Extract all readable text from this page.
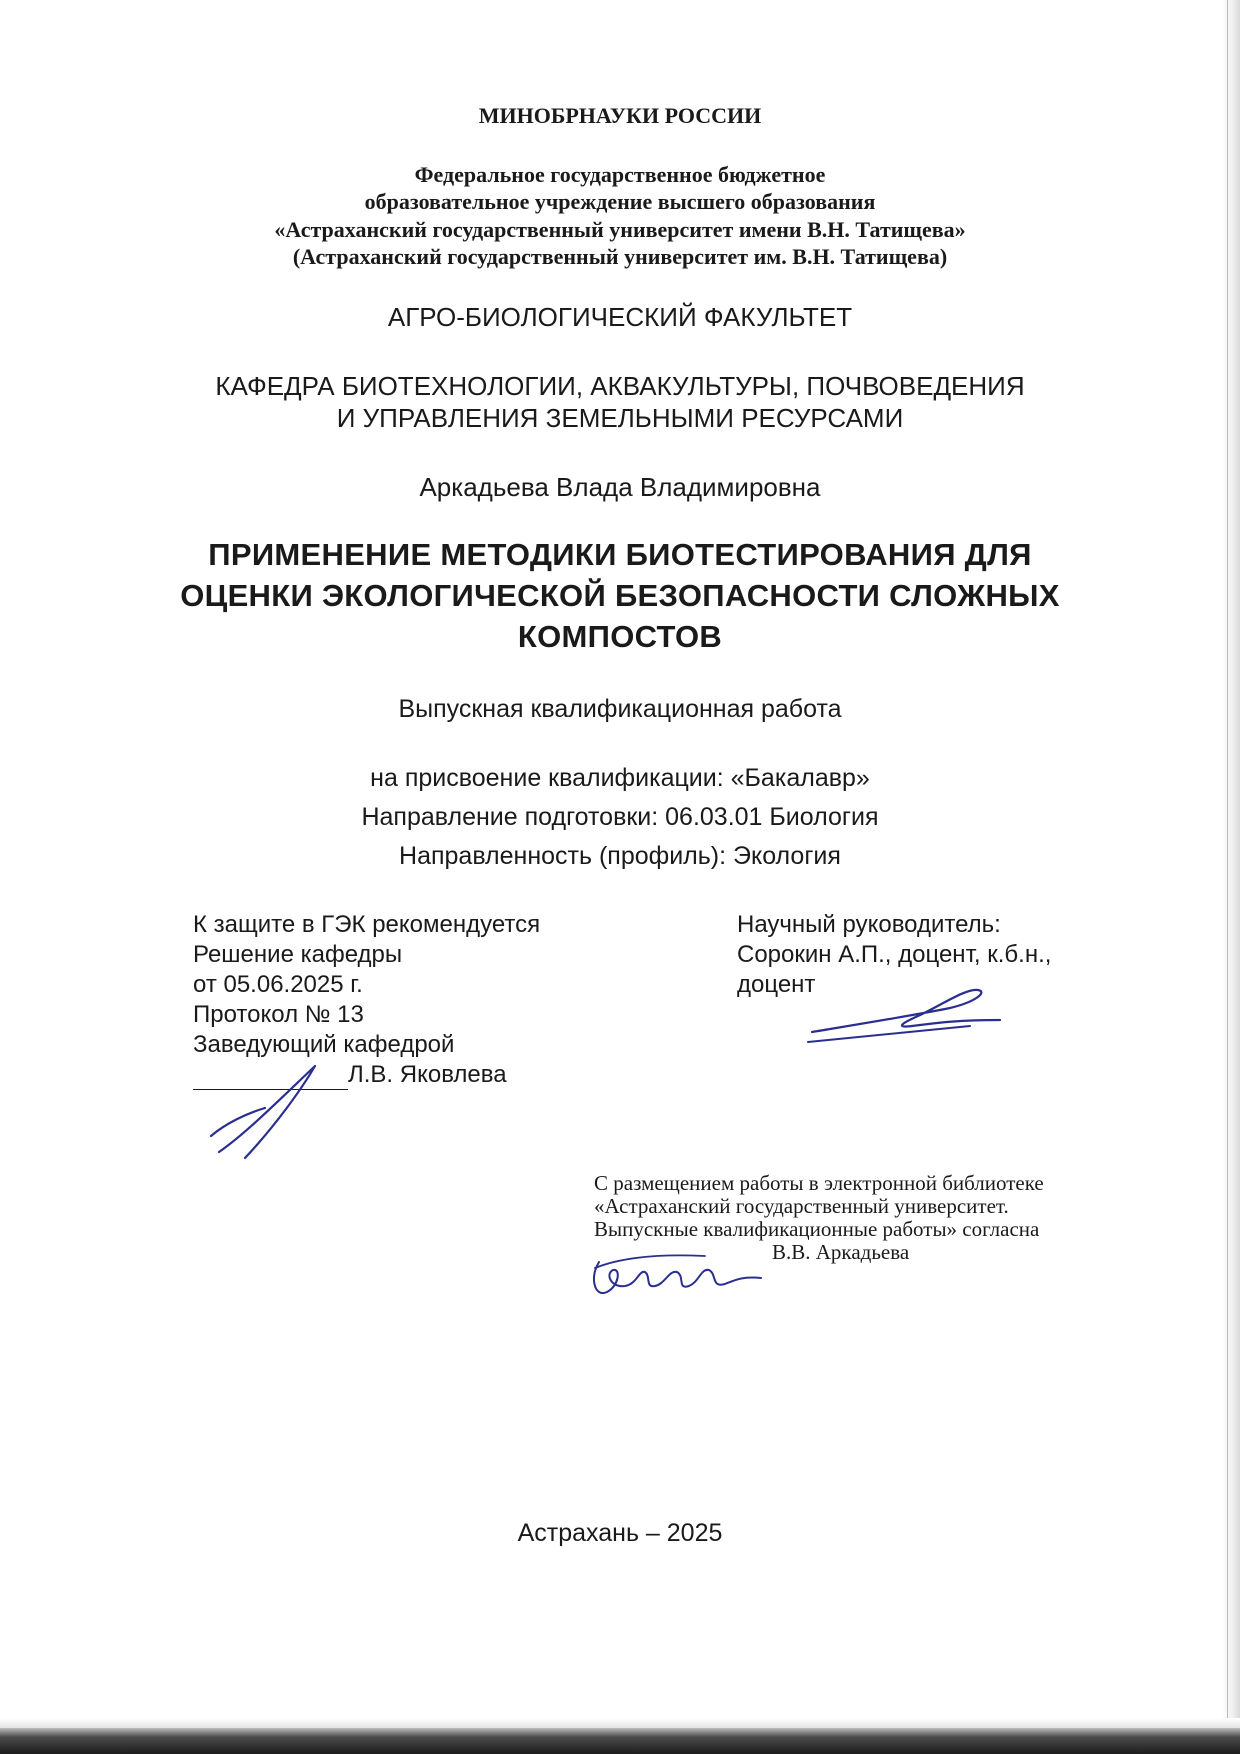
МИНОБРНАУКИ РОССИИ
Федеральное государственное бюджетное
образовательное учреждение высшего образования
«Астраханский государственный университет имени В.Н. Татищева»
(Астраханский государственный университет им. В.Н. Татищева)
АГРО-БИОЛОГИЧЕСКИЙ ФАКУЛЬТЕТ
КАФЕДРА БИОТЕХНОЛОГИИ, АКВАКУЛЬТУРЫ, ПОЧВОВЕДЕНИЯ
И УПРАВЛЕНИЯ ЗЕМЕЛЬНЫМИ РЕСУРСАМИ
Аркадьева Влада Владимировна
ПРИМЕНЕНИЕ МЕТОДИКИ БИОТЕСТИРОВАНИЯ ДЛЯ
ОЦЕНКИ ЭКОЛОГИЧЕСКОЙ БЕЗОПАСНОСТИ СЛОЖНЫХ
КОМПОСТОВ
Выпускная квалификационная работа
на присвоение квалификации: «Бакалавр»
Направление подготовки: 06.03.01 Биология
Направленность (профиль): Экология
К защите в ГЭК рекомендуется
Решение кафедры
от 05.06.2025 г.
Протокол № 13
Заведующий кафедрой
Л.В. Яковлева
Научный руководитель:
Сорокин А.П., доцент, к.б.н.,
доцент
С размещением работы в электронной библиотеке
«Астраханский государственный университет.
Выпускные квалификационные работы» согласна
В.В. Аркадьева
Астрахань – 2025
